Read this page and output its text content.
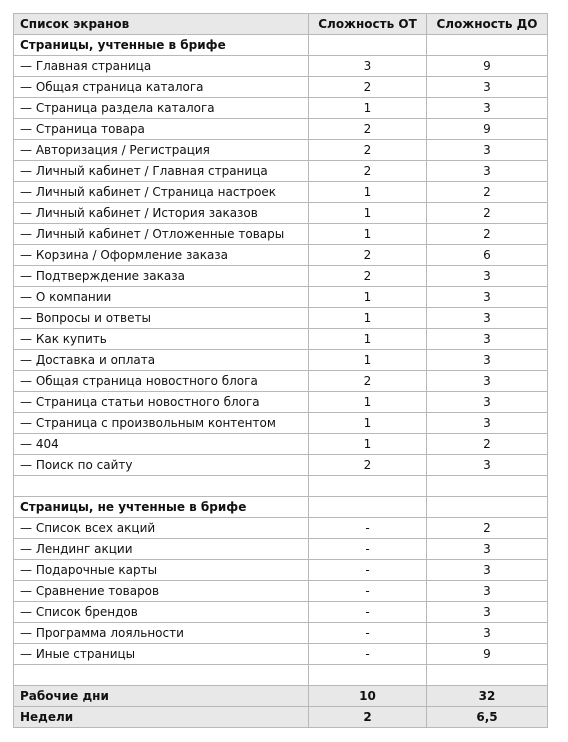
Список экранов	Сложность ОТ	Сложность ДО
Страницы, учтенные в брифе		
— Главная страница	3	9
— Общая страница каталога	2	3
— Страница раздела каталога	1	3
— Страница товара	2	9
— Авторизация / Регистрация	2	3
— Личный кабинет / Главная страница	2	3
— Личный кабинет / Страница настроек	1	2
— Личный кабинет / История заказов	1	2
— Личный кабинет / Отложенные товары	1	2
— Корзина / Оформление заказа	2	6
— Подтверждение заказа	2	3
— О компании	1	3
— Вопросы и ответы	1	3
— Как купить	1	3
— Доставка и оплата	1	3
— Общая страница новостного блога	2	3
— Страница статьи новостного блога	1	3
— Страница с произвольным контентом	1	3
— 404	1	2
— Поиск по сайту	2	3

Страницы, не учтенные в брифе		
— Список всех акций	-	2
— Лендинг акции	-	3
— Подарочные карты	-	3
— Сравнение товаров	-	3
— Список брендов	-	3
— Программа лояльности	-	3
— Иные страницы	-	9

Рабочие дни	10	32
Недели	2	6,5
